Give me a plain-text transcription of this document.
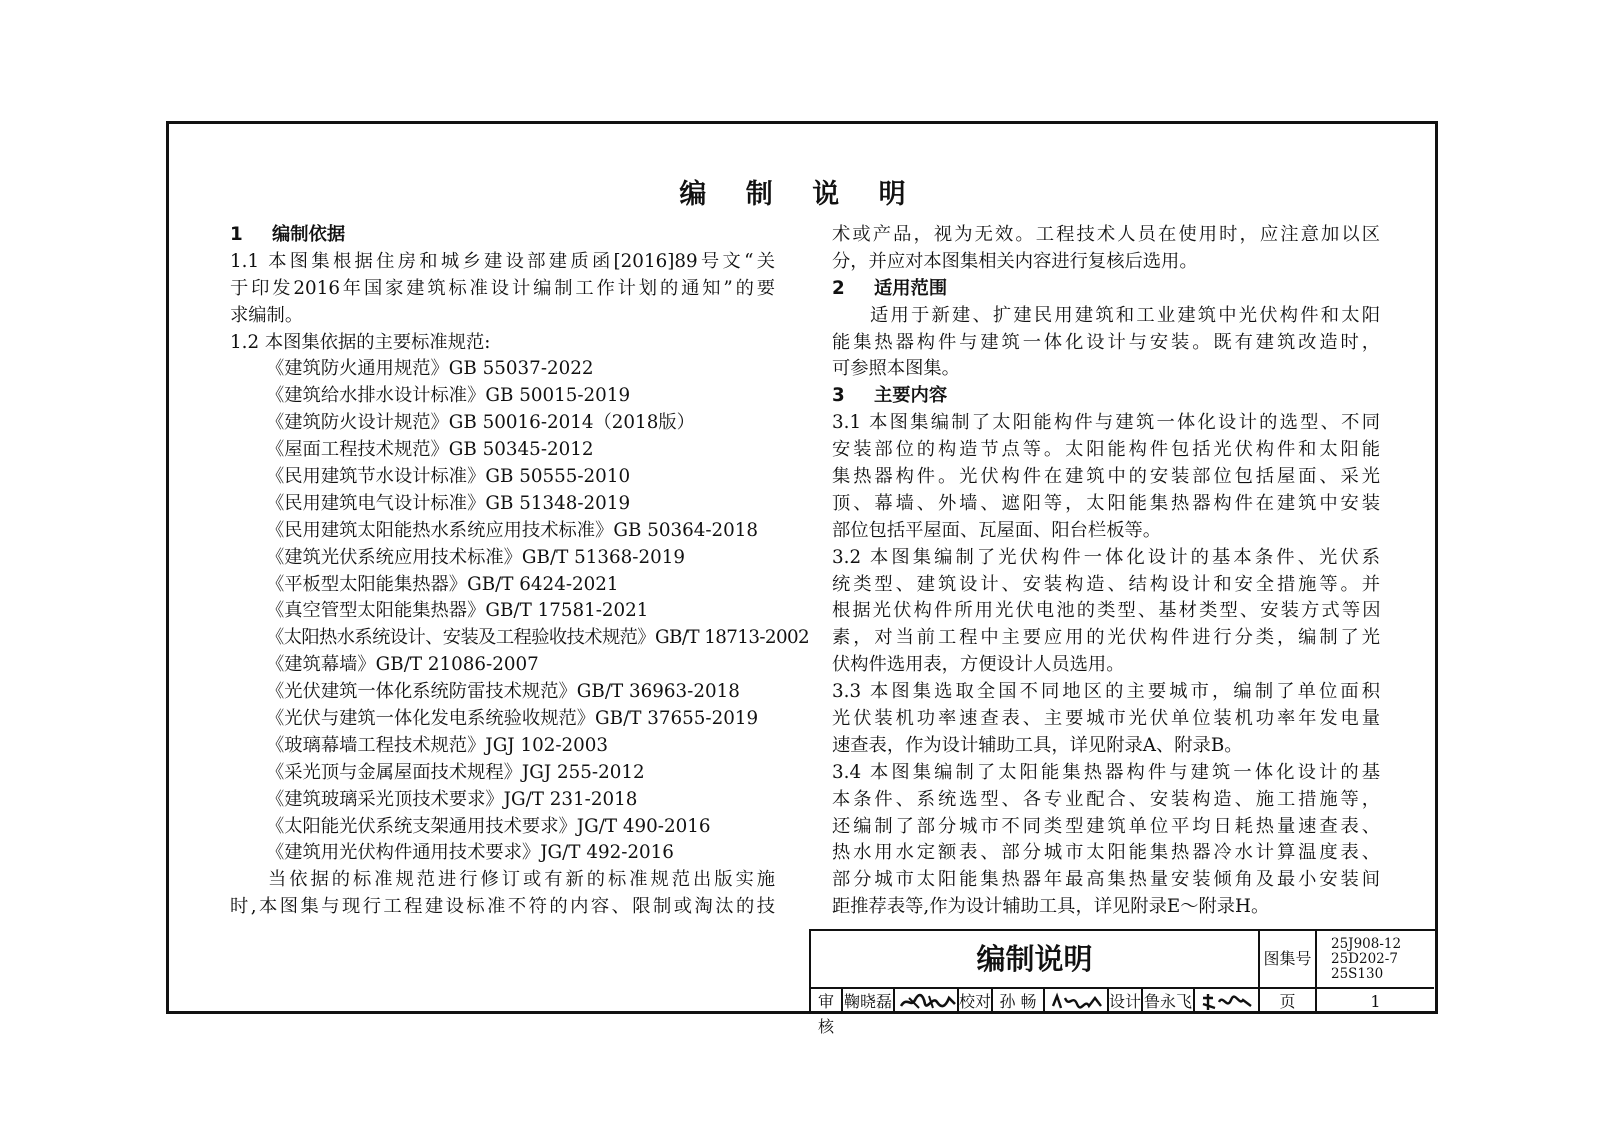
编 制 说 明
1 编制依据
1.1 本图集根据住房和城乡建设部建质函[2016]89号文“关
于印发2016年国家建筑标准设计编制工作计划的通知”的要
求编制。
1.2 本图集依据的主要标准规范:
《建筑防火通用规范》GB 55037-2022
《建筑给水排水设计标准》GB 50015-2019
《建筑防火设计规范》GB 50016-2014（2018版）
《屋面工程技术规范》GB 50345-2012
《民用建筑节水设计标准》GB 50555-2010
《民用建筑电气设计标准》GB 51348-2019
《民用建筑太阳能热水系统应用技术标准》GB 50364-2018
《建筑光伏系统应用技术标准》GB/T 51368-2019
《平板型太阳能集热器》GB/T 6424-2021
《真空管型太阳能集热器》GB/T 17581-2021
《太阳热水系统设计、安装及工程验收技术规范》GB/T 18713-2002
《建筑幕墙》GB/T 21086-2007
《光伏建筑一体化系统防雷技术规范》GB/T 36963-2018
《光伏与建筑一体化发电系统验收规范》GB/T 37655-2019
《玻璃幕墙工程技术规范》JGJ 102-2003
《采光顶与金属屋面技术规程》JGJ 255-2012
《建筑玻璃采光顶技术要求》JG/T 231-2018
《太阳能光伏系统支架通用技术要求》JG/T 490-2016
《建筑用光伏构件通用技术要求》JG/T 492-2016
当依据的标准规范进行修订或有新的标准规范出版实施
时,本图集与现行工程建设标准不符的内容、限制或淘汰的技
术或产品，视为无效。工程技术人员在使用时，应注意加以区
分，并应对本图集相关内容进行复核后选用。
2 适用范围
适用于新建、扩建民用建筑和工业建筑中光伏构件和太阳
能集热器构件与建筑一体化设计与安装。既有建筑改造时，
可参照本图集。
3 主要内容
3.1 本图集编制了太阳能构件与建筑一体化设计的选型、不同
安装部位的构造节点等。太阳能构件包括光伏构件和太阳能
集热器构件。光伏构件在建筑中的安装部位包括屋面、采光
顶、幕墙、外墙、遮阳等，太阳能集热器构件在建筑中安装
部位包括平屋面、瓦屋面、阳台栏板等。
3.2 本图集编制了光伏构件一体化设计的基本条件、光伏系
统类型、建筑设计、安装构造、结构设计和安全措施等。并
根据光伏构件所用光伏电池的类型、基材类型、安装方式等因
素，对当前工程中主要应用的光伏构件进行分类，编制了光
伏构件选用表，方便设计人员选用。
3.3 本图集选取全国不同地区的主要城市，编制了单位面积
光伏装机功率速查表、主要城市光伏单位装机功率年发电量
速查表，作为设计辅助工具，详见附录A、附录B。
3.4 本图集编制了太阳能集热器构件与建筑一体化设计的基
本条件、系统选型、各专业配合、安装构造、施工措施等，
还编制了部分城市不同类型建筑单位平均日耗热量速查表、
热水用水定额表、部分城市太阳能集热器冷水计算温度表、
部分城市太阳能集热器年最高集热量安装倾角及最小安装间
距推荐表等,作为设计辅助工具，详见附录E～附录H。
编制说明	图集号
25J908-12
25D202-7
25S130
审核
鞠晓磊	校对 孙 畅	设计 鲁永飞	页	1
